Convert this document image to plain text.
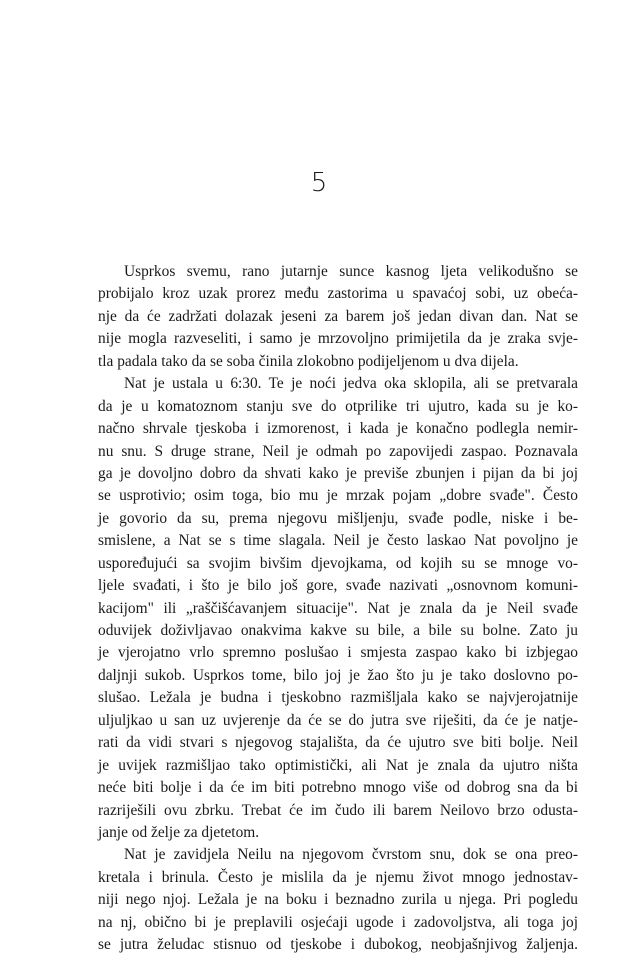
5
Usprkos svemu, rano jutarnje sunce kasnog ljeta velikodušno se
probijalo kroz uzak prorez među zastorima u spavaćoj sobi, uz obeća-
nje da će zadržati dolazak jeseni za barem još jedan divan dan. Nat se
nije mogla razveseliti, i samo je mrzovoljno primijetila da je zraka svje-
tla padala tako da se soba činila zlokobno podijeljenom u dva dijela.
Nat je ustala u 6:30. Te je noći jedva oka sklopila, ali se pretvarala
da je u komatoznom stanju sve do otprilike tri ujutro, kada su je ko-
načno shrvale tjeskoba i izmorenost, i kada je konačno podlegla nemir-
nu snu. S druge strane, Neil je odmah po zapovijedi zaspao. Poznavala
ga je dovoljno dobro da shvati kako je previše zbunjen i pijan da bi joj
se usprotivio; osim toga, bio mu je mrzak pojam „dobre svađe". Često
je govorio da su, prema njegovu mišljenju, svađe podle, niske i be-
smislene, a Nat se s time slagala. Neil je često laskao Nat povoljno je
uspoređujući sa svojim bivšim djevojkama, od kojih su se mnoge vo-
ljele svađati, i što je bilo još gore, svađe nazivati „osnovnom komuni-
kacijom" ili „raščišćavanjem situacije". Nat je znala da je Neil svađe
oduvijek doživljavao onakvima kakve su bile, a bile su bolne. Zato ju
je vjerojatno vrlo spremno poslušao i smjesta zaspao kako bi izbjegao
daljnji sukob. Usprkos tome, bilo joj je žao što ju je tako doslovno po-
slušao. Ležala je budna i tjeskobno razmišljala kako se najvjerojatnije
uljuljkao u san uz uvjerenje da će se do jutra sve riješiti, da će je natje-
rati da vidi stvari s njegovog stajališta, da će ujutro sve biti bolje. Neil
je uvijek razmišljao tako optimistički, ali Nat je znala da ujutro ništa
neće biti bolje i da će im biti potrebno mnogo više od dobrog sna da bi
razriješili ovu zbrku. Trebat će im čudo ili barem Neilovo brzo odusta-
janje od želje za djetetom.
Nat je zavidjela Neilu na njegovom čvrstom snu, dok se ona preo-
kretala i brinula. Često je mislila da je njemu život mnogo jednostav-
niji nego njoj. Ležala je na boku i beznadno zurila u njega. Pri pogledu
na nj, obično bi je preplavili osjećaji ugode i zadovoljstva, ali toga joj
se jutra želudac stisnuo od tjeskobe i dubokog, neobjašnjivog žaljenja.
